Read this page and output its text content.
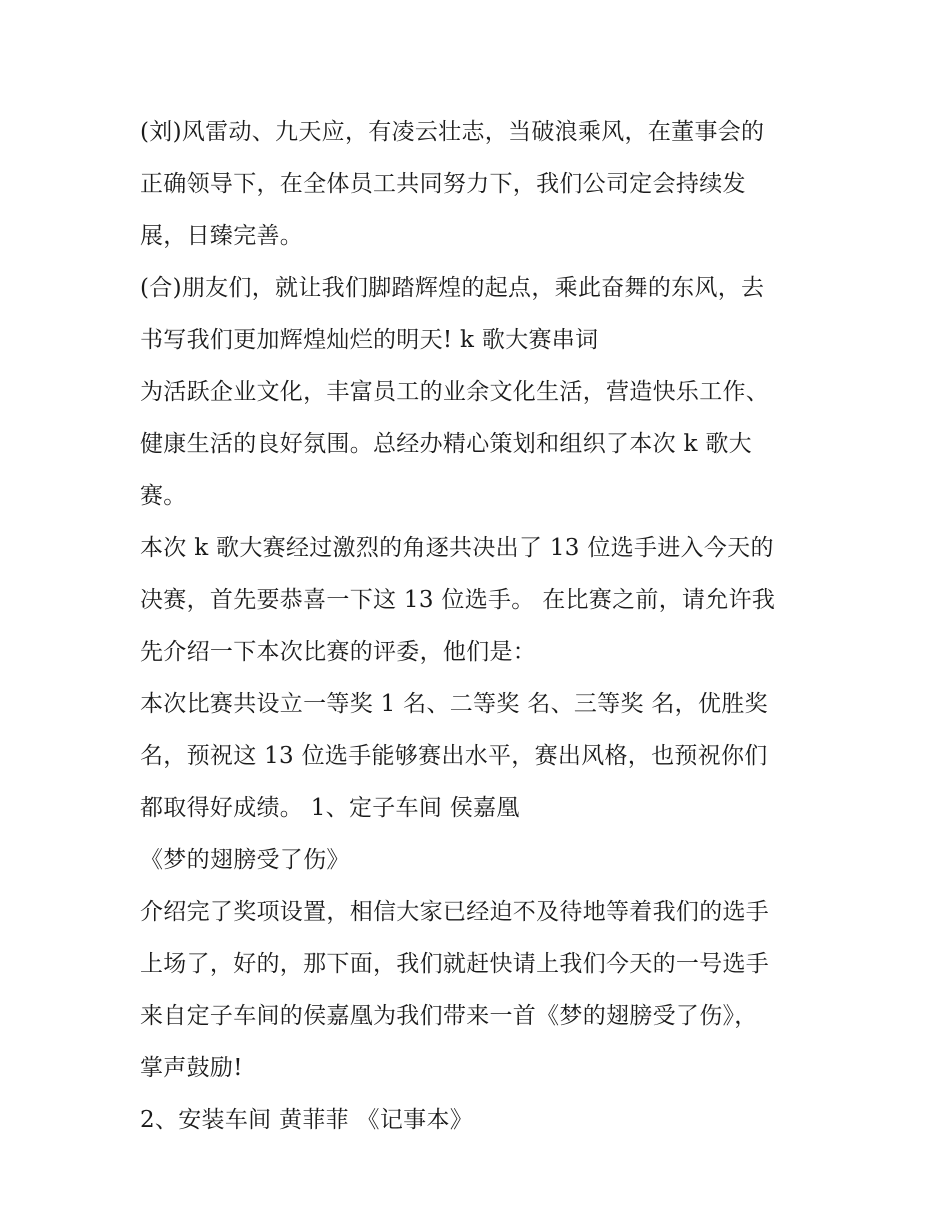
(刘)风雷动、九天应，有凌云壮志，当破浪乘风，在董事会的
正确领导下，在全体员工共同努力下，我们公司定会持续发
展，日臻完善。
(合)朋友们，就让我们脚踏辉煌的起点，乘此奋舞的东风，去
书写我们更加辉煌灿烂的明天! k 歌大赛串词
为活跃企业文化，丰富员工的业余文化生活，营造快乐工作、
健康生活的良好氛围。总经办精心策划和组织了本次 k 歌大
赛。
本次 k 歌大赛经过激烈的角逐共决出了 13 位选手进入今天的
决赛，首先要恭喜一下这 13 位选手。 在比赛之前，请允许我
先介绍一下本次比赛的评委，他们是：
本次比赛共设立一等奖 1 名、二等奖 名、三等奖 名，优胜奖
名，预祝这 13 位选手能够赛出水平，赛出风格，也预祝你们
都取得好成绩。 1、定子车间 侯嘉凰
《梦的翅膀受了伤》
介绍完了奖项设置，相信大家已经迫不及待地等着我们的选手
上场了，好的，那下面，我们就赶快请上我们今天的一号选手
来自定子车间的侯嘉凰为我们带来一首《梦的翅膀受了伤》，
掌声鼓励!
2、安装车间 黄菲菲 《记事本》
